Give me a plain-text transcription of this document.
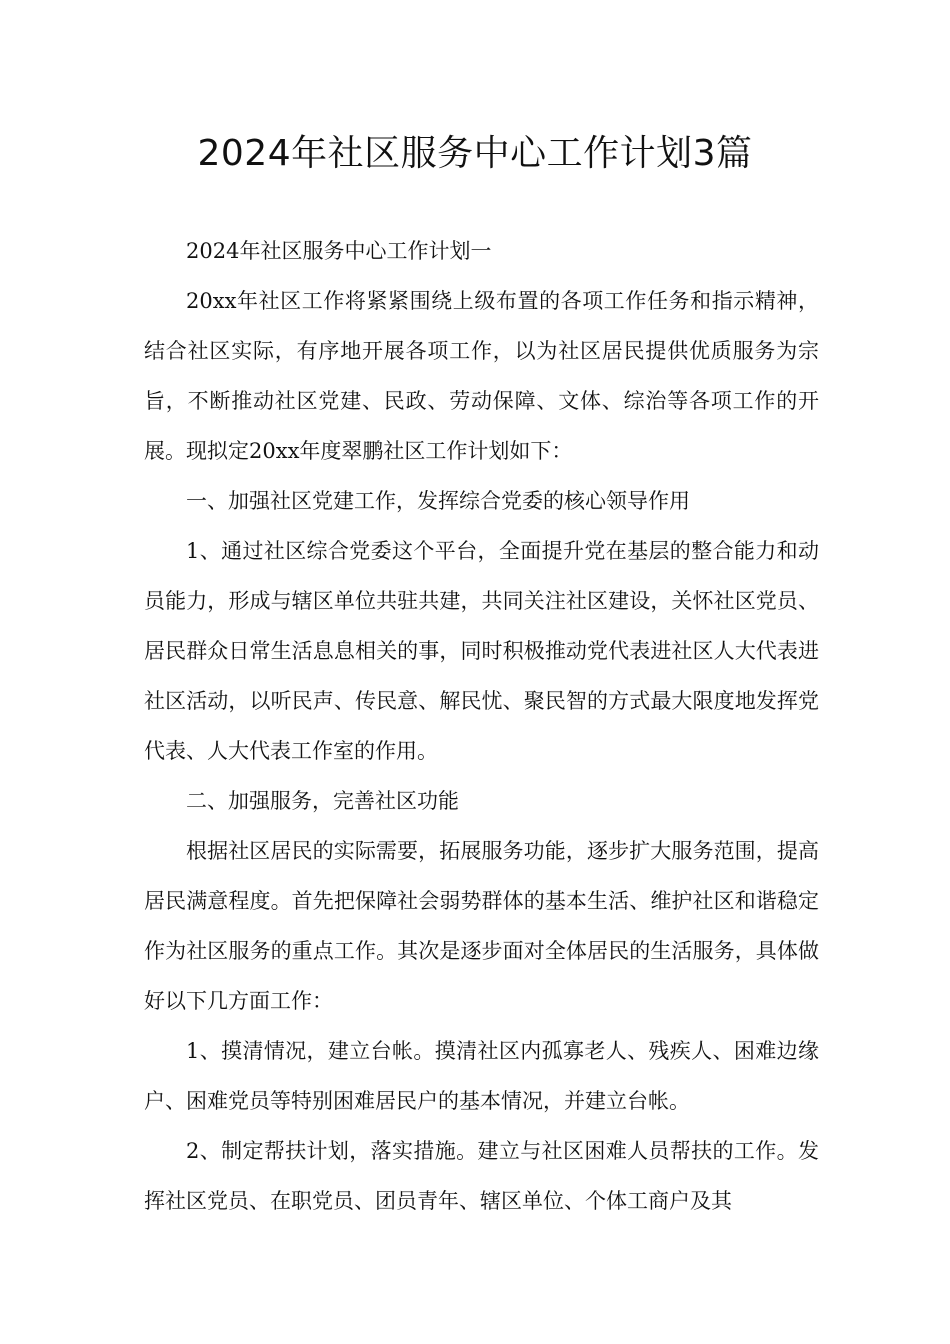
2024年社区服务中心工作计划3篇

2024年社区服务中心工作计划一

20xx年社区工作将紧紧围绕上级布置的各项工作任务和指示精神，结合社区实际，有序地开展各项工作，以为社区居民提供优质服务为宗旨，不断推动社区党建、民政、劳动保障、文体、综治等各项工作的开展。现拟定20xx年度翠鹏社区工作计划如下：

一、加强社区党建工作，发挥综合党委的核心领导作用

1、通过社区综合党委这个平台，全面提升党在基层的整合能力和动员能力，形成与辖区单位共驻共建，共同关注社区建设，关怀社区党员、居民群众日常生活息息相关的事，同时积极推动党代表进社区人大代表进社区活动，以听民声、传民意、解民忧、聚民智的方式最大限度地发挥党代表、人大代表工作室的作用。

二、加强服务，完善社区功能

根据社区居民的实际需要，拓展服务功能，逐步扩大服务范围，提高居民满意程度。首先把保障社会弱势群体的基本生活、维护社区和谐稳定作为社区服务的重点工作。其次是逐步面对全体居民的生活服务，具体做好以下几方面工作：

1、摸清情况，建立台帐。摸清社区内孤寡老人、残疾人、困难边缘户、困难党员等特别困难居民户的基本情况，并建立台帐。

2、制定帮扶计划，落实措施。建立与社区困难人员帮扶的工作。发挥社区党员、在职党员、团员青年、辖区单位、个体工商户及其
